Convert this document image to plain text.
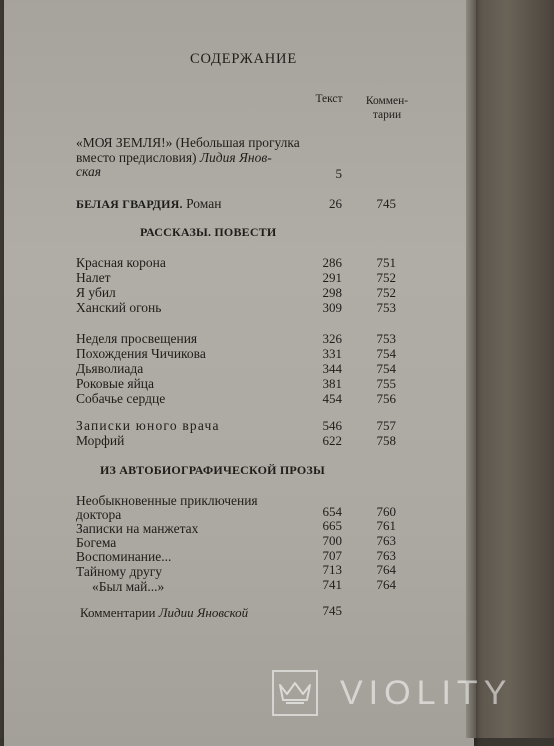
СОДЕРЖАНИЕ
Текст	Коммен-
тарии
«МОЯ ЗЕМЛЯ!» (Небольшая прогулка
вместо предисловия) Лидия Янов-
ская	5
БЕЛАЯ ГВАРДИЯ. Роман	26	745
РАССКАЗЫ. ПОВЕСТИ
Красная корона	286	751
Налет	291	752
Я убил	298	752
Ханский огонь	309	753
Неделя просвещения	326	753
Похождения Чичикова	331	754
Дьяволиада	344	754
Роковые яйца	381	755
Собачье сердце	454	756
Записки юного врача	546	757
Морфий	622	758
ИЗ АВТОБИОГРАФИЧЕСКОЙ ПРОЗЫ
Необыкновенные приключения
доктора	654	760
Записки на манжетах	665	761
Богема	700	763
Воспоминание...	707	763
Тайному другу	713	764
«Был май...»	741	764
Комментарии Лидии Яновской	745
VIOLITY
